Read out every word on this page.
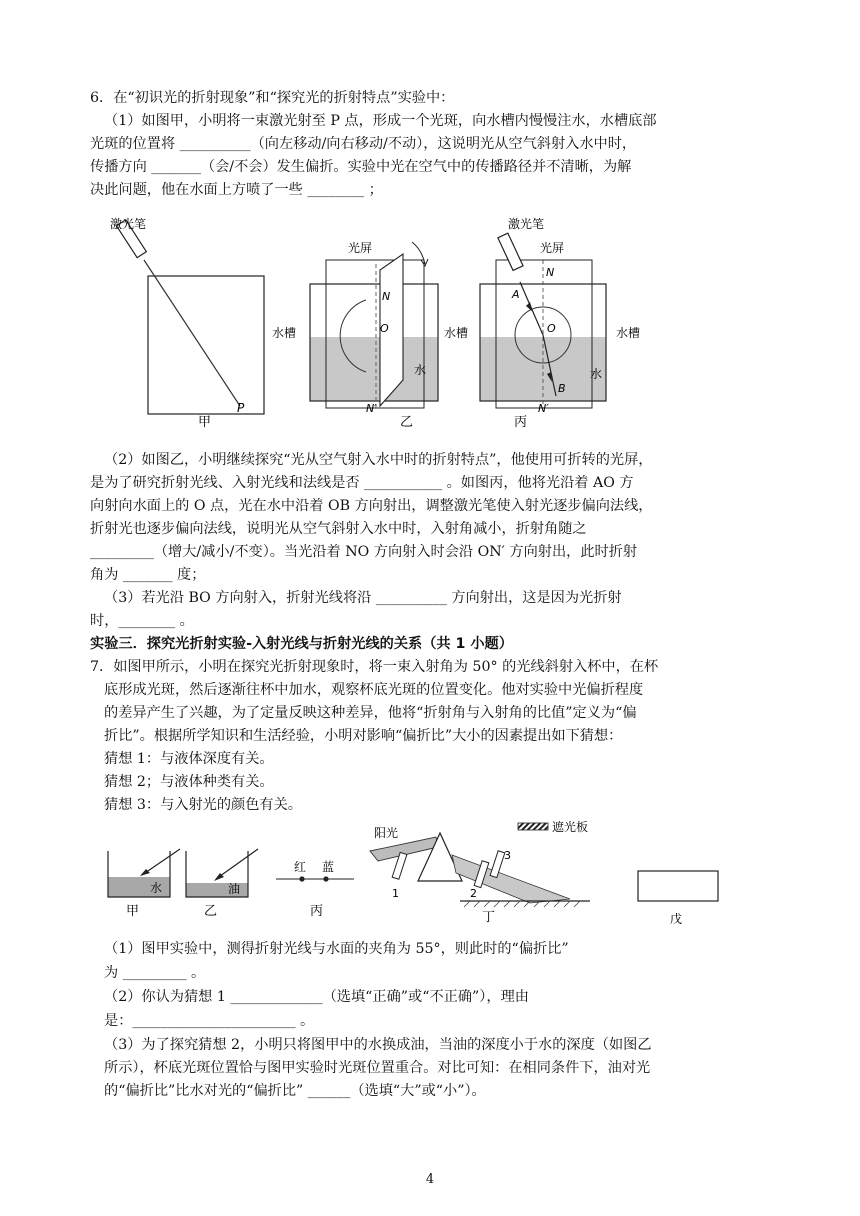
6．在“初识光的折射现象”和“探究光的折射特点”实验中：
（1）如图甲，小明将一束激光射至 P 点，形成一个光斑，向水槽内慢慢注水，水槽底部
光斑的位置将 __________（向左移动/向右移动/不动），这说明光从空气斜射入水中时，
传播方向 _______（会/不会）发生偏折。实验中光在空气中的传播路径并不清晰，为解
决此问题，他在水面上方喷了一些 ________ ；
激光笔
P
甲
光屏
N
O
水槽
水
N′
乙
激光笔
光屏
N
A
O
水槽	水槽
B
水
N′
丙
（2）如图乙，小明继续探究“光从空气射入水中时的折射特点”，他使用可折转的光屏，
是为了研究折射光线、入射光线和法线是否 ___________ 。如图丙，他将光沿着 AO 方
向射向水面上的 O 点，光在水中沿着 OB 方向射出，调整激光笔使入射光逐步偏向法线，
折射光也逐步偏向法线，说明光从空气斜射入水中时，入射角减小，折射角随之
_________（增大/减小/不变）。当光沿着 NO 方向射入时会沿 ON′ 方向射出，此时折射
角为 _______ 度；
（3）若光沿 BO 方向射入，折射光线将沿 __________ 方向射出，这是因为光折射
时，________ 。
实验三．探究光折射实验-入射光线与折射光线的关系（共 1 小题）
7．如图甲所示，小明在探究光折射现象时，将一束入射角为 50° 的光线斜射入杯中，在杯
底形成光斑，然后逐渐往杯中加水，观察杯底光斑的位置变化。他对实验中光偏折程度
的差异产生了兴趣，为了定量反映这种差异，他将“折射角与入射角的比值”定义为“偏
折比”。根据所学知识和生活经验，小明对影响“偏折比”大小的因素提出如下猜想：
猜想 1：与液体深度有关。
猜想 2；与液体种类有关。
猜想 3：与入射光的颜色有关。
水
甲
油
乙
红 蓝
丙
阳光	遮光板
1	2
3
丁	戊
（1）图甲实验中，测得折射光线与水面的夹角为 55°，则此时的“偏折比”
为 _________ 。
（2）你认为猜想 1 _____________（选填“正确”或“不正确”），理由
是：_______________________ 。
（3）为了探究猜想 2，小明只将图甲中的水换成油，当油的深度小于水的深度（如图乙
所示），杯底光斑位置恰与图甲实验时光斑位置重合。对比可知：在相同条件下，油对光
的“偏折比”比水对光的“偏折比” ______（选填“大”或“小”）。
4
